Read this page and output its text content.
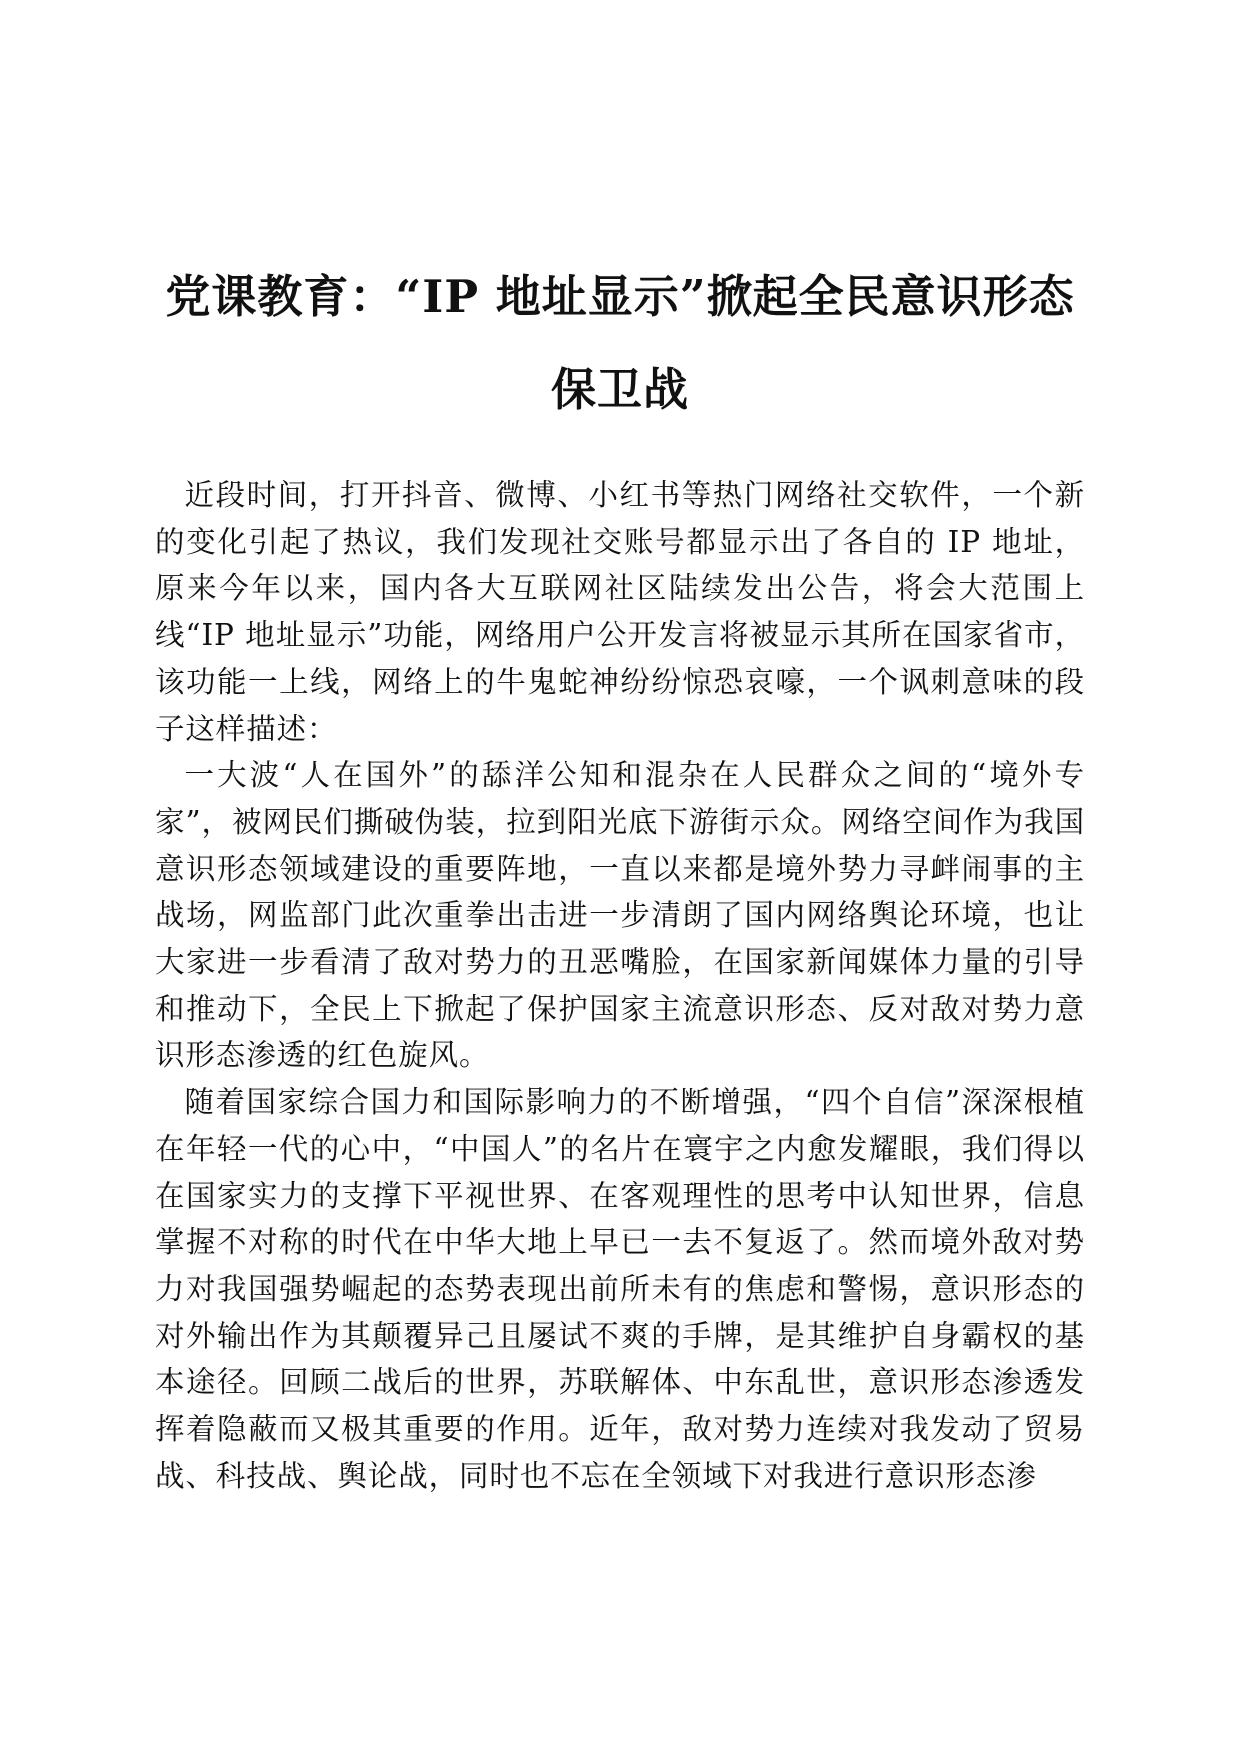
党课教育：“IP 地址显示”掀起全民意识形态保卫战

近段时间，打开抖音、微博、小红书等热门网络社交软件，一个新的变化引起了热议，我们发现社交账号都显示出了各自的 IP 地址，原来今年以来，国内各大互联网社区陆续发出公告，将会大范围上线“IP 地址显示”功能，网络用户公开发言将被显示其所在国家省市，该功能一上线，网络上的牛鬼蛇神纷纷惊恐哀嚎，一个讽刺意味的段子这样描述：

一大波“人在国外”的舔洋公知和混杂在人民群众之间的“境外专家”，被网民们撕破伪装，拉到阳光底下游街示众。网络空间作为我国意识形态领域建设的重要阵地，一直以来都是境外势力寻衅闹事的主战场，网监部门此次重拳出击进一步清朗了国内网络舆论环境，也让大家进一步看清了敌对势力的丑恶嘴脸，在国家新闻媒体力量的引导和推动下，全民上下掀起了保护国家主流意识形态、反对敌对势力意识形态渗透的红色旋风。

随着国家综合国力和国际影响力的不断增强，“四个自信”深深根植在年轻一代的心中，“中国人”的名片在寰宇之内愈发耀眼，我们得以在国家实力的支撑下平视世界、在客观理性的思考中认知世界，信息掌握不对称的时代在中华大地上早已一去不复返了。然而境外敌对势力对我国强势崛起的态势表现出前所未有的焦虑和警惕，意识形态的对外输出作为其颠覆异己且屡试不爽的手牌，是其维护自身霸权的基本途径。回顾二战后的世界，苏联解体、中东乱世，意识形态渗透发挥着隐蔽而又极其重要的作用。近年，敌对势力连续对我发动了贸易战、科技战、舆论战，同时也不忘在全领域下对我进行意识形态渗
